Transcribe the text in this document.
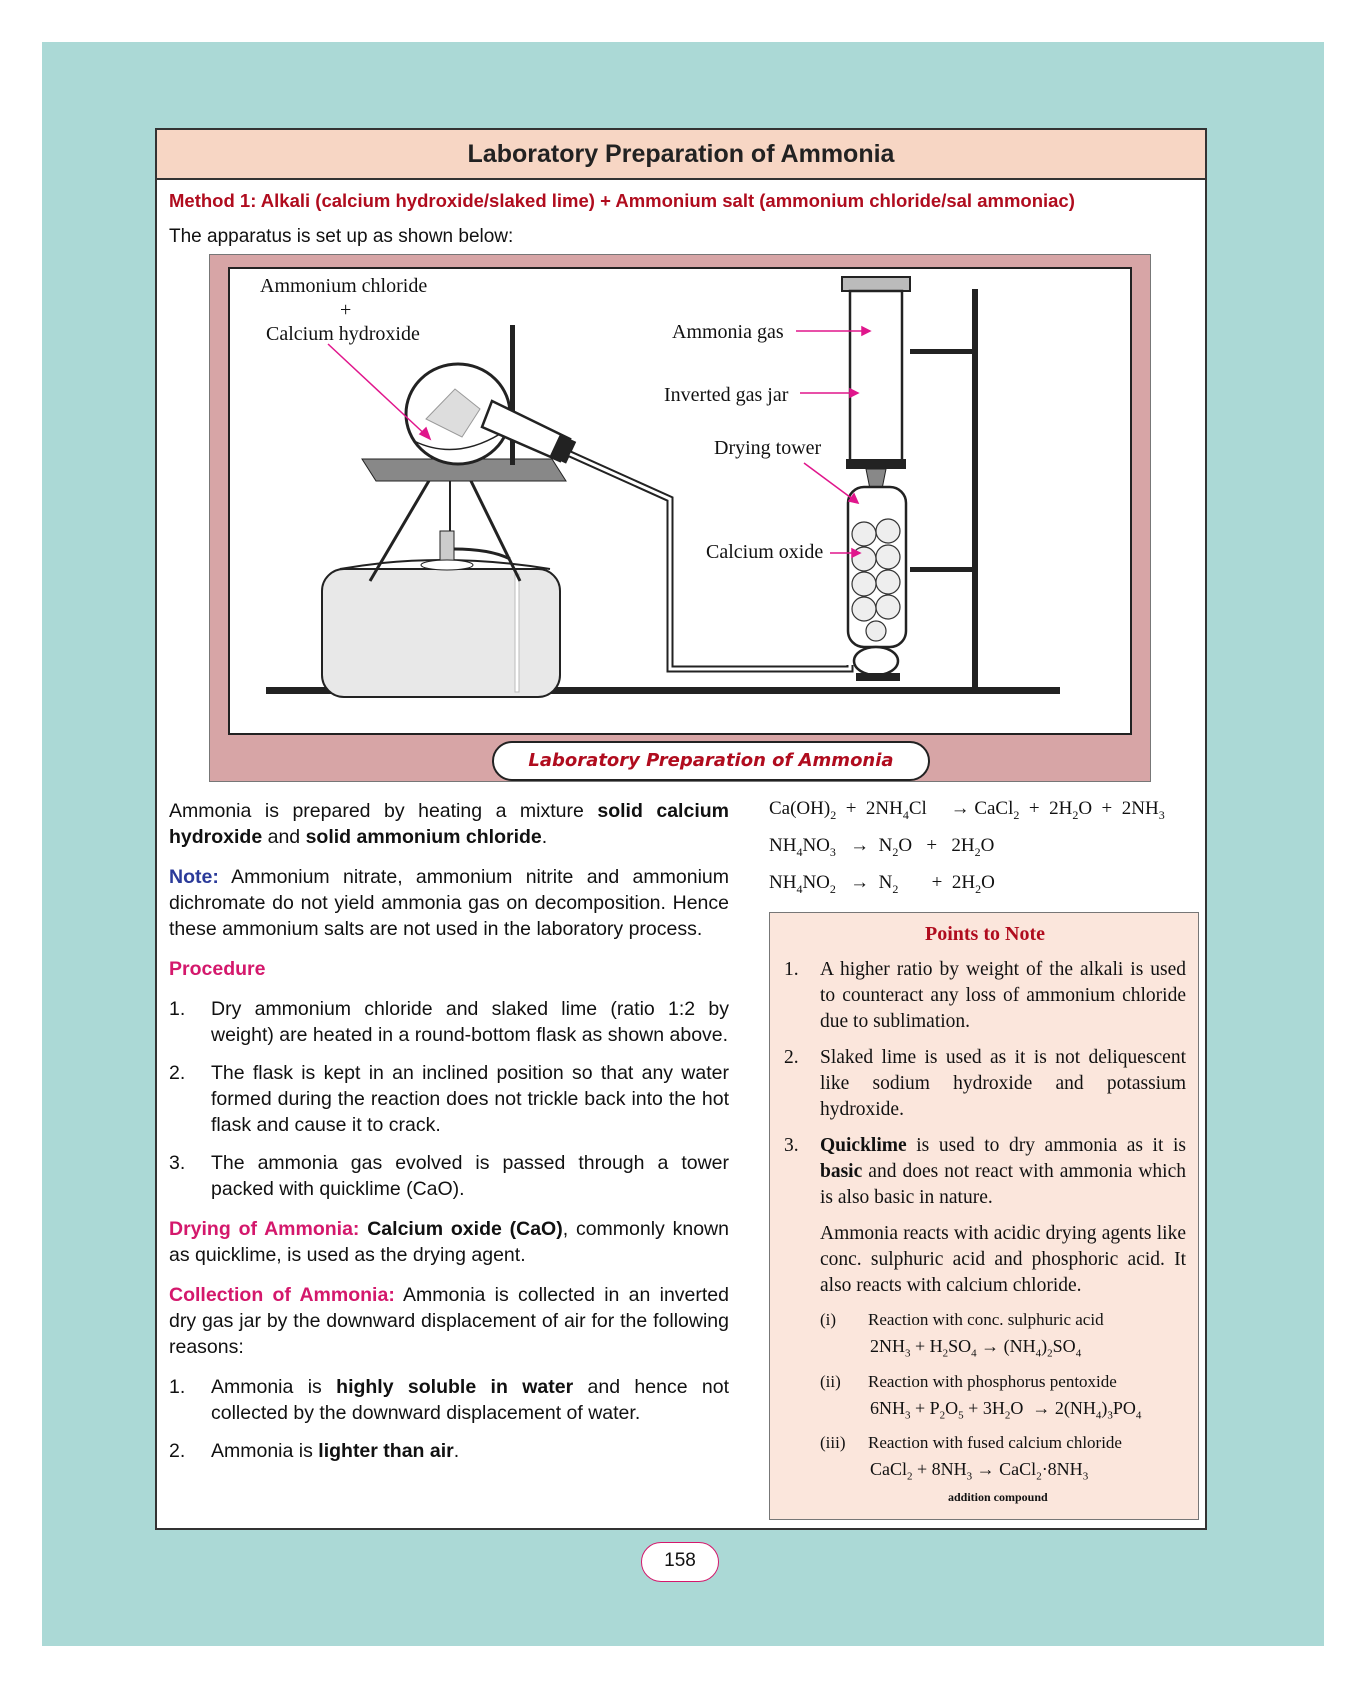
Laboratory Preparation of Ammonia
Method 1: Alkali (calcium hydroxide/slaked lime) + Ammonium salt (ammonium chloride/sal ammoniac)
The apparatus is set up as shown below:
Ammonium chloride
+
Calcium hydroxide	Ammonia gas
Inverted gas jar
Drying tower
Calcium oxide
Laboratory Preparation of Ammonia

Ammonia is prepared by heating a mixture solid calcium hydroxide and solid ammonium chloride.

Note: Ammonium nitrate, ammonium nitrite and ammonium dichromate do not yield ammonia gas on decomposition. Hence these ammonium salts are not used in the laboratory process.

Procedure

1. Dry ammonium chloride and slaked lime (ratio 1:2 by weight) are heated in a round-bottom flask as shown above.
2. The flask is kept in an inclined position so that any water formed during the reaction does not trickle back into the hot flask and cause it to crack.
3. The ammonia gas evolved is passed through a tower packed with quicklime (CaO).

Drying of Ammonia: Calcium oxide (CaO), commonly known as quicklime, is used as the drying agent.

Collection of Ammonia: Ammonia is collected in an inverted dry gas jar by the downward displacement of air for the following reasons:

1. Ammonia is highly soluble in water and hence not collected by the downward displacement of water.
2. Ammonia is lighter than air.
$Ca(OH)_2 + 2NH_4Cl$     → CaCl$_2$  +  $2H_2O + 2NH_3$
$NH_4NO_3 \to N_2O + 2H_2O$
$NH_4NO_2 \to N_2$       +  $2H_2O$
Points to Note
1. A higher ratio by weight of the alkali is used to counteract any loss of ammonium chloride due to sublimation.
2. Slaked lime is used as it is not deliquescent like sodium hydroxide and potassium hydroxide.
3. Quicklime is used to dry ammonia as it is basic and does not react with ammonia which is also basic in nature.
Ammonia reacts with acidic drying agents like conc. sulphuric acid and phosphoric acid. It also reacts with calcium chloride.
(i) Reaction with conc. sulphuric acid
$2NH_3 + H_2SO_4 \to (NH_4)_2SO_4$
(ii) Reaction with phosphorus pentoxide
$6NH_3 + P_2O_5 + 3H_2O \to 2(NH_4)_3PO_4$
(iii) Reaction with fused calcium chloride
CaCl$_2$ + $8NH_3$ → $CaCl_2\cdot 8NH_3$
addition compound
158
